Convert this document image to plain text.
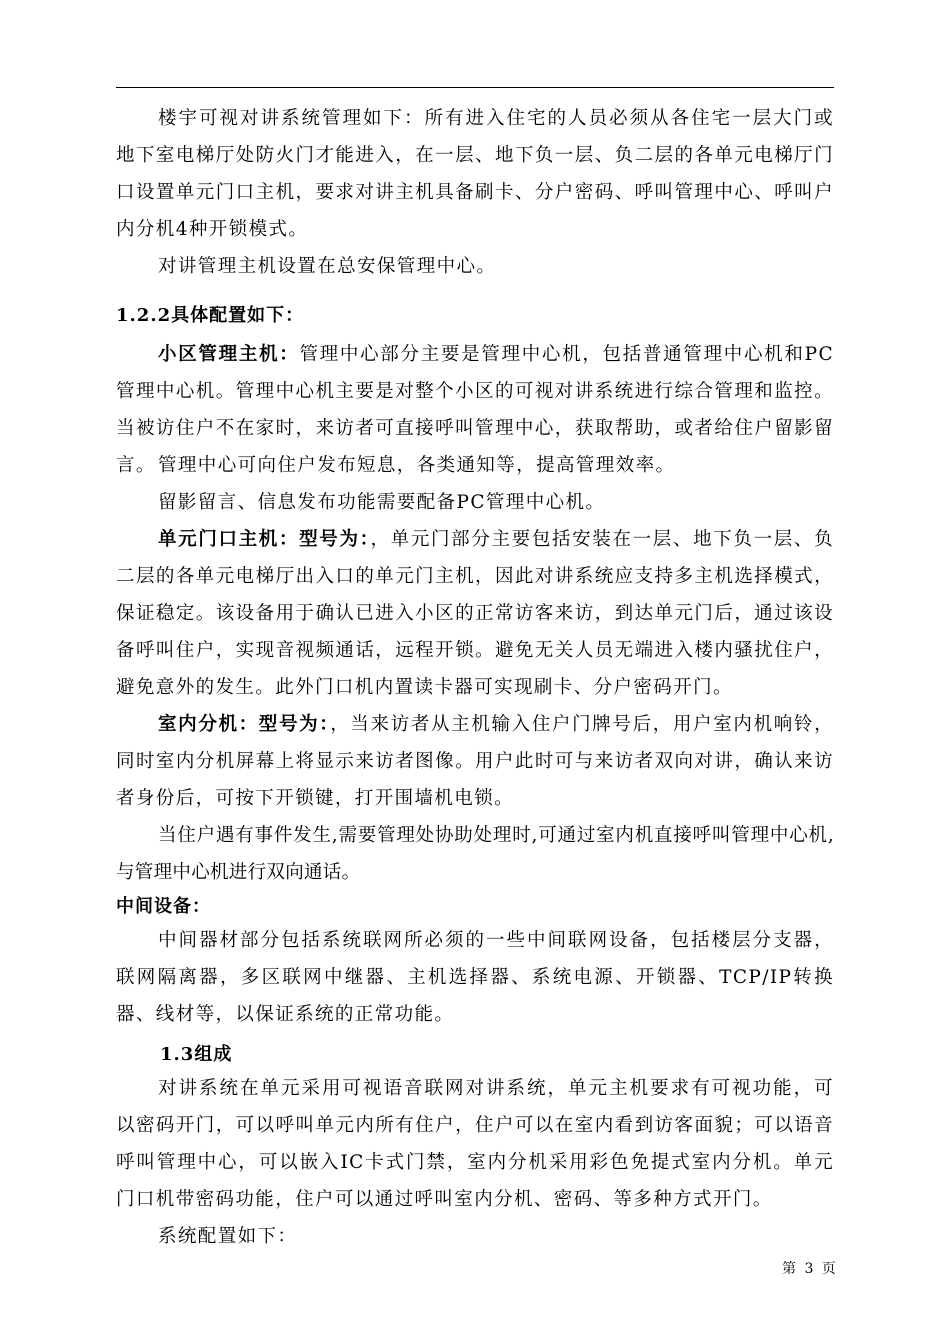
楼宇可视对讲系统管理如下：所有进入住宅的人员必须从各住宅一层大门或地下室电梯厅处防火门才能进入，在一层、地下负一层、负二层的各单元电梯厅门口设置单元门口主机，要求对讲主机具备刷卡、分户密码、呼叫管理中心、呼叫户内分机4种开锁模式。

对讲管理主机设置在总安保管理中心。

1.2.2具体配置如下：

小区管理主机：管理中心部分主要是管理中心机，包括普通管理中心机和PC管理中心机。管理中心机主要是对整个小区的可视对讲系统进行综合管理和监控。当被访住户不在家时，来访者可直接呼叫管理中心，获取帮助，或者给住户留影留言。 管理中心可向住户发布短息，各类通知等，提高管理效率。

留影留言、信息发布功能需要配备PC管理中心机。

单元门口主机：型号为：，单元门部分主要包括安装在一层、地下负一层、负二层的各单元电梯厅出入口的单元门主机，因此对讲系统应支持多主机选择模式，保证稳定。该设备用于确认已进入小区的正常访客来访，到达单元门后，通过该设备呼叫住户，实现音视频通话，远程开锁。避免无关人员无端进入楼内骚扰住户，避免意外的发生。此外门口机内置读卡器可实现刷卡、分户密码开门。

室内分机：型号为：，当来访者从主机输入住户门牌号后，用户室内机响铃，同时室内分机屏幕上将显示来访者图像。用户此时可与来访者双向对讲，确认来访者身份后，可按下开锁键，打开围墙机电锁。

当住户遇有事件发生,需要管理处协助处理时,可通过室内机直接呼叫管理中心机,与管理中心机进行双向通话。

中间设备：

中间器材部分包括系统联网所必须的一些中间联网设备，包括楼层分支器，联网隔离器，多区联网中继器、主机选择器、系统电源、开锁器、TCP/IP转换器、线材等，以保证系统的正常功能。

1.3组成

对讲系统在单元采用可视语音联网对讲系统，单元主机要求有可视功能，可以密码开门，可以呼叫单元内所有住户，住户可以在室内看到访客面貌；可以语音呼叫管理中心，可以嵌入IC卡式门禁，室内分机采用彩色免提式室内分机。单元门口机带密码功能，住户可以通过呼叫室内分机、密码、等多种方式开门。

系统配置如下：

第 3 页
